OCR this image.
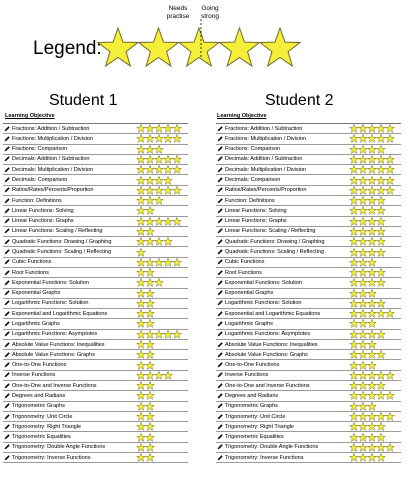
Legend:
Needs practise
Going strong
Student 1
Learning Objective
Fractions: Addition / Subtraction
Fractions: Multiplication / Division
Fractions: Comparison
Decimals: Addition / Subtraction
Decimals: Multiplication / Division
Decimals: Comparison
Ratios/Rates/Percents/Proportion
Function: Definitions
Linear Functions: Solving
Linear Functions: Graphs
Linear Functions: Scaling / Reflecting
Quadratic Functions: Drawing / Graphing
Quadratic Functions: Scaling / Reflecting
Cubic Functions
Root Functions
Exponential Functions: Solution
Exponential Graphs
Logarithmic Functions: Solution
Exponential and Logarithmic Equations
Logarithmic Graphs
Logarithmic Functions: Asymptotes
Absolute Value Functions: Inequalities
Absolute Value Functions: Graphs
One-to-One Functions
Inverse Functions
One-to-One and Inverse Functions
Degrees and Radians
Trigonometric Graphs
Trigonometry: Unit Circle
Trigonometry: Right Triangle
Trigonometric Equalities
Trigonometry: Double Angle Functions
Trigonometry: Inverse Functions
Student 2
Learning Objective
Fractions: Addition / Subtraction
Fractions: Multiplication / Division
Fractions: Comparison
Decimals: Addition / Subtraction
Decimals: Multiplication / Division
Decimals: Comparison
Ratios/Rates/Percents/Proportion
Function: Definitions
Linear Functions: Solving
Linear Functions: Graphs
Linear Functions: Scaling / Reflecting
Quadratic Functions: Drawing / Graphing
Quadratic Functions: Scaling / Reflecting
Cubic Functions
Root Functions
Exponential Functions: Solution
Exponential Graphs
Logarithmic Functions: Solution
Exponential and Logarithmic Equations
Logarithmic Graphs
Logarithmic Functions: Asymptotes
Absolute Value Functions: Inequalities
Absolute Value Functions: Graphs
One-to-One Functions
Inverse Functions
One-to-One and Inverse Functions
Degrees and Radians
Trigonometric Graphs
Trigonometry: Unit Circle
Trigonometry: Right Triangle
Trigonometric Equalities
Trigonometry: Double Angle Functions
Trigonometry: Inverse Functions
